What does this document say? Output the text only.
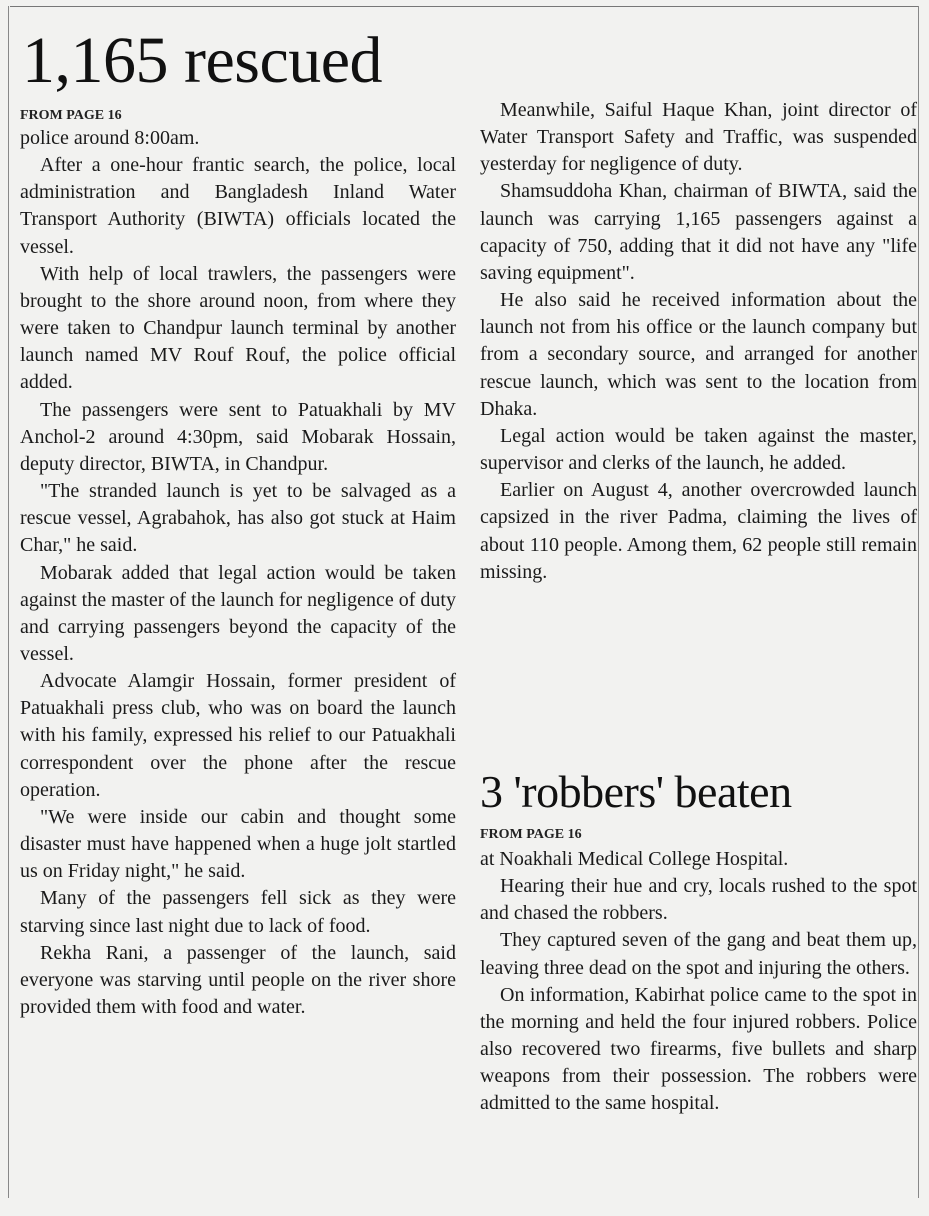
1,165 rescued
FROM PAGE 16

police around 8:00am.

After a one-hour frantic search, the police, local administration and Bangladesh Inland Water Transport Authority (BIWTA) officials located the vessel.

With help of local trawlers, the passengers were brought to the shore around noon, from where they were taken to Chandpur launch terminal by another launch named MV Rouf Rouf, the police official added.

The passengers were sent to Patuakhali by MV Anchol-2 around 4:30pm, said Mobarak Hossain, deputy director, BIWTA, in Chandpur.

"The stranded launch is yet to be salvaged as a rescue vessel, Agrabahok, has also got stuck at Haim Char," he said.

Mobarak added that legal action would be taken against the master of the launch for negligence of duty and carrying passengers beyond the capacity of the vessel.

Advocate Alamgir Hossain, former president of Patuakhali press club, who was on board the launch with his family, expressed his relief to our Patuakhali correspondent over the phone after the rescue operation.

"We were inside our cabin and thought some disaster must have happened when a huge jolt startled us on Friday night," he said.

Many of the passengers fell sick as they were starving since last night due to lack of food.

Rekha Rani, a passenger of the launch, said everyone was starving until people on the river shore provided them with food and water.

Meanwhile, Saiful Haque Khan, joint director of Water Transport Safety and Traffic, was suspended yesterday for negligence of duty.

Shamsuddoha Khan, chairman of BIWTA, said the launch was carrying 1,165 passengers against a capacity of 750, adding that it did not have any "life saving equipment".

He also said he received information about the launch not from his office or the launch company but from a secondary source, and arranged for another rescue launch, which was sent to the location from Dhaka.

Legal action would be taken against the master, supervisor and clerks of the launch, he added.

Earlier on August 4, another overcrowded launch capsized in the river Padma, claiming the lives of about 110 people. Among them, 62 people still remain missing.

3 'robbers' beaten
FROM PAGE 16

at Noakhali Medical College Hospital.

Hearing their hue and cry, locals rushed to the spot and chased the robbers.

They captured seven of the gang and beat them up, leaving three dead on the spot and injuring the others.

On information, Kabirhat police came to the spot in the morning and held the four injured robbers. Police also recovered two firearms, five bullets and sharp weapons from their possession. The robbers were admitted to the same hospital.
